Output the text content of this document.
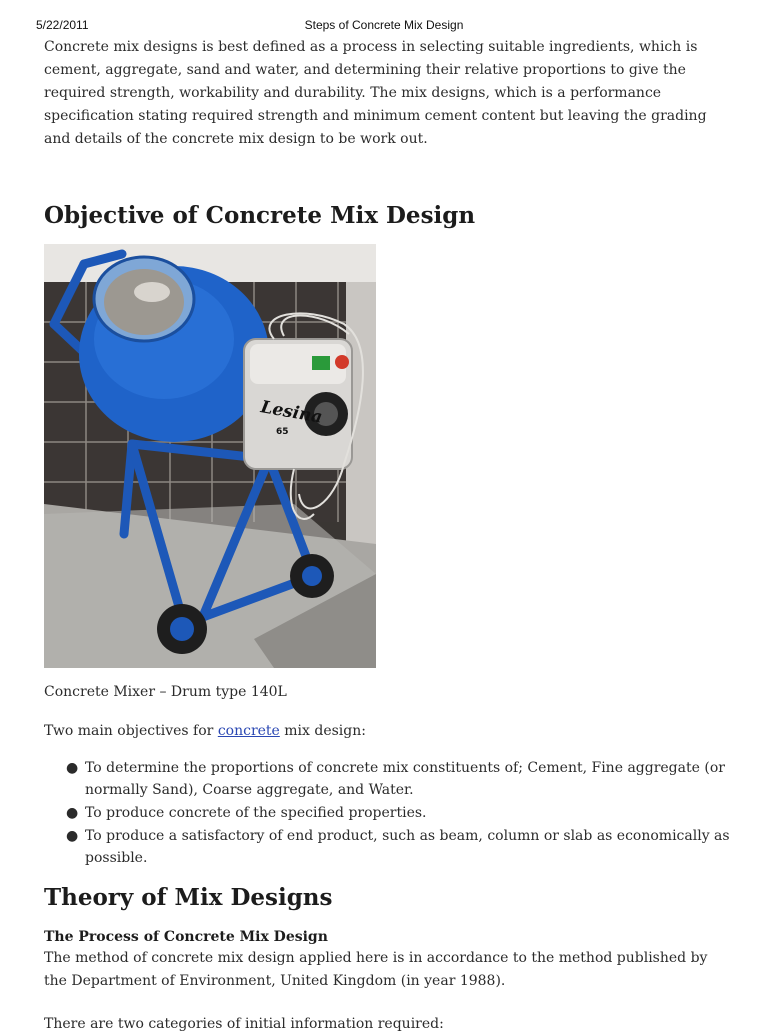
5/22/2011	Steps of Concrete Mix Design

Concrete mix designs is best defined as a process in selecting suitable ingredients, which is cement, aggregate, sand and water, and determining their relative proportions to give the required strength, workability and durability. The mix designs, which is a performance specification stating required strength and minimum cement content but leaving the grading and details of the concrete mix design to be work out.

Objective of Concrete Mix Design
Lesina
65

Concrete Mixer – Drum type 140L

Two main objectives for concrete mix design:

● To determine the proportions of concrete mix constituents of; Cement, Fine aggregate (or normally Sand), Coarse aggregate, and Water.
● To produce concrete of the specified properties.
● To produce a satisfactory of end product, such as beam, column or slab as economically as possible.
Theory of Mix Designs
The Process of Concrete Mix Design

The method of concrete mix design applied here is in accordance to the method published by the Department of Environment, United Kingdom (in year 1988).

There are two categories of initial information required:
